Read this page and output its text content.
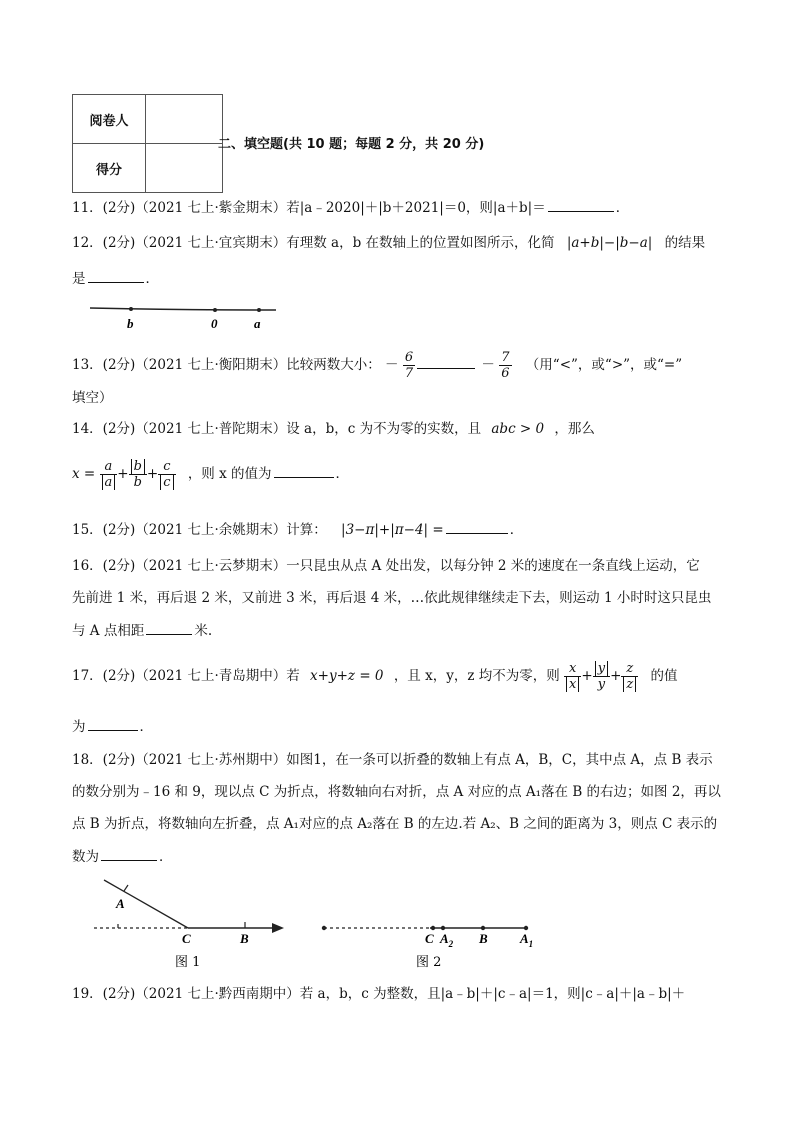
阅卷人	
得分	
二、填空题(共 10 题；每题 2 分，共 20 分)
11．(2分)（2021 七上·紫金期末）若|a﹣2020|＋|b＋2021|＝0，则|a＋b|＝	．
12．(2分)（2021 七上·宜宾期末）有理数 a，b 在数轴上的位置如图所示，化简 |a+b|−|b−a| 的结果
是	．
b	0	a
13．(2分)（2021 七上·衡阳期末）比较两数大小： － $\frac{6}{7}$	－ $\frac{7}{6}$ （用“<”，或“>”，或“=”
填空）
14．(2分)（2021 七上·普陀期末）设 a，b，c 为不为零的实数，且 abc > 0 ，那么
$x = \frac{a}{a} + \frac{b}{b} + \frac{c}{c}$ ，则 x 的值为	．
15．(2分)（2021 七上·余姚期末）计算： |3−π|+|π−4| =	．
16．(2分)（2021 七上·云梦期末）一只昆虫从点 A 处出发，以每分钟 2 米的速度在一条直线上运动，它
先前进 1 米，再后退 2 米，又前进 3 米，再后退 4 米，…依此规律继续走下去，则运动 1 小时时这只昆虫
与 A 点相距	米.
17．(2分)（2021 七上·青岛期中）若 x+y+z = 0 ，且 x，y，z 均不为零，则 $\frac{x}{x} + \frac{y}{y} + \frac{z}{z}$ 的值
为	．
18．(2分)（2021 七上·苏州期中）如图1，在一条可以折叠的数轴上有点 A，B，C，其中点 A，点 B 表示
的数分别为﹣16 和 9，现以点 C 为折点，将数轴向右对折，点 A 对应的点 A₁落在 B 的右边；如图 2，再以
点 B 为折点，将数轴向左折叠，点 A₁对应的点 A₂落在 B 的左边.若 A₂、B 之间的距离为 3，则点 C 表示的
数为	．
A
C	B
图 1
C $A_2$ B $A_1$
图 2
19．(2分)（2021 七上·黔西南期中）若 a，b，c 为整数，且|a﹣b|＋|c﹣a|＝1，则|c﹣a|＋|a﹣b|＋
